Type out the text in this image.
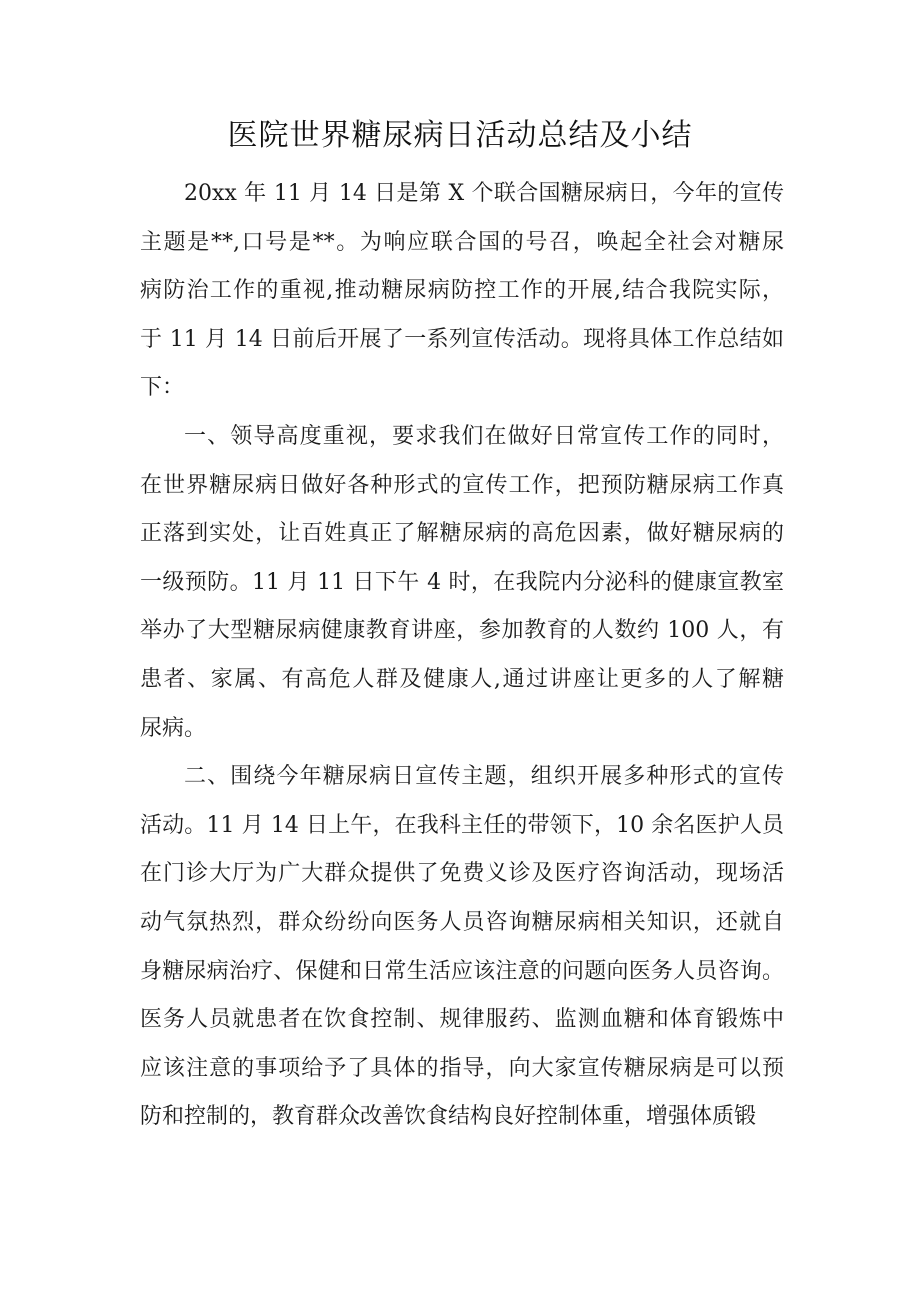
医院世界糖尿病日活动总结及小结
20xx 年 11 月 14 日是第 X 个联合国糖尿病日，今年的宣传
主题是**,口号是**。为响应联合国的号召，唤起全社会对糖尿
病防治工作的重视,推动糖尿病防控工作的开展,结合我院实际，
于 11 月 14 日前后开展了一系列宣传活动。现将具体工作总结如
下：
一、领导高度重视，要求我们在做好日常宣传工作的同时，
在世界糖尿病日做好各种形式的宣传工作，把预防糖尿病工作真
正落到实处，让百姓真正了解糖尿病的高危因素，做好糖尿病的
一级预防。11 月 11 日下午 4 时，在我院内分泌科的健康宣教室
举办了大型糖尿病健康教育讲座，参加教育的人数约 100 人，有
患者、家属、有高危人群及健康人,通过讲座让更多的人了解糖
尿病。
二、围绕今年糖尿病日宣传主题，组织开展多种形式的宣传
活动。11 月 14 日上午，在我科主任的带领下，10 余名医护人员
在门诊大厅为广大群众提供了免费义诊及医疗咨询活动，现场活
动气氛热烈，群众纷纷向医务人员咨询糖尿病相关知识，还就自
身糖尿病治疗、保健和日常生活应该注意的问题向医务人员咨询。
医务人员就患者在饮食控制、规律服药、监测血糖和体育锻炼中
应该注意的事项给予了具体的指导，向大家宣传糖尿病是可以预
防和控制的，教育群众改善饮食结构良好控制体重，增强体质锻
